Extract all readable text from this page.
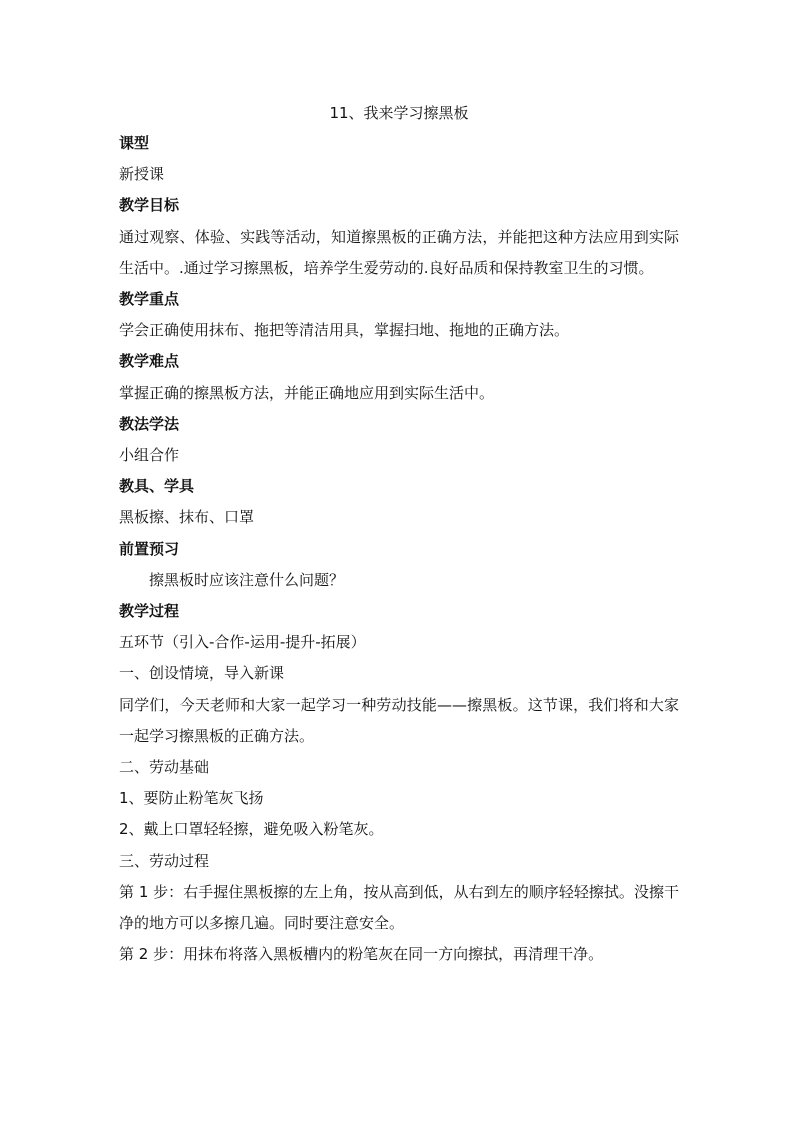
11、我来学习擦黑板

课型

新授课

教学目标

通过观察、体验、实践等活动，知道擦黑板的正确方法，并能把这种方法应用到实际生活中。.通过学习擦黑板，培养学生爱劳动的.良好品质和保持教室卫生的习惯。

教学重点

学会正确使用抹布、拖把等清洁用具，掌握扫地、拖地的正确方法。

教学难点

掌握正确的擦黑板方法，并能正确地应用到实际生活中。

教法学法

小组合作

教具、学具

黑板擦、抹布、口罩

前置预习

擦黑板时应该注意什么问题？

教学过程

五环节（引入-合作-运用-提升-拓展）

一、创设情境，导入新课

同学们，今天老师和大家一起学习一种劳动技能——擦黑板。这节课，我们将和大家一起学习擦黑板的正确方法。

二、劳动基础

1、要防止粉笔灰飞扬

2、戴上口罩轻轻擦，避免吸入粉笔灰。

三、劳动过程

第 1 步：右手握住黑板擦的左上角，按从高到低，从右到左的顺序轻轻擦拭。没擦干净的地方可以多擦几遍。同时要注意安全。

第 2 步：用抹布将落入黑板槽内的粉笔灰在同一方向擦拭，再清理干净。
